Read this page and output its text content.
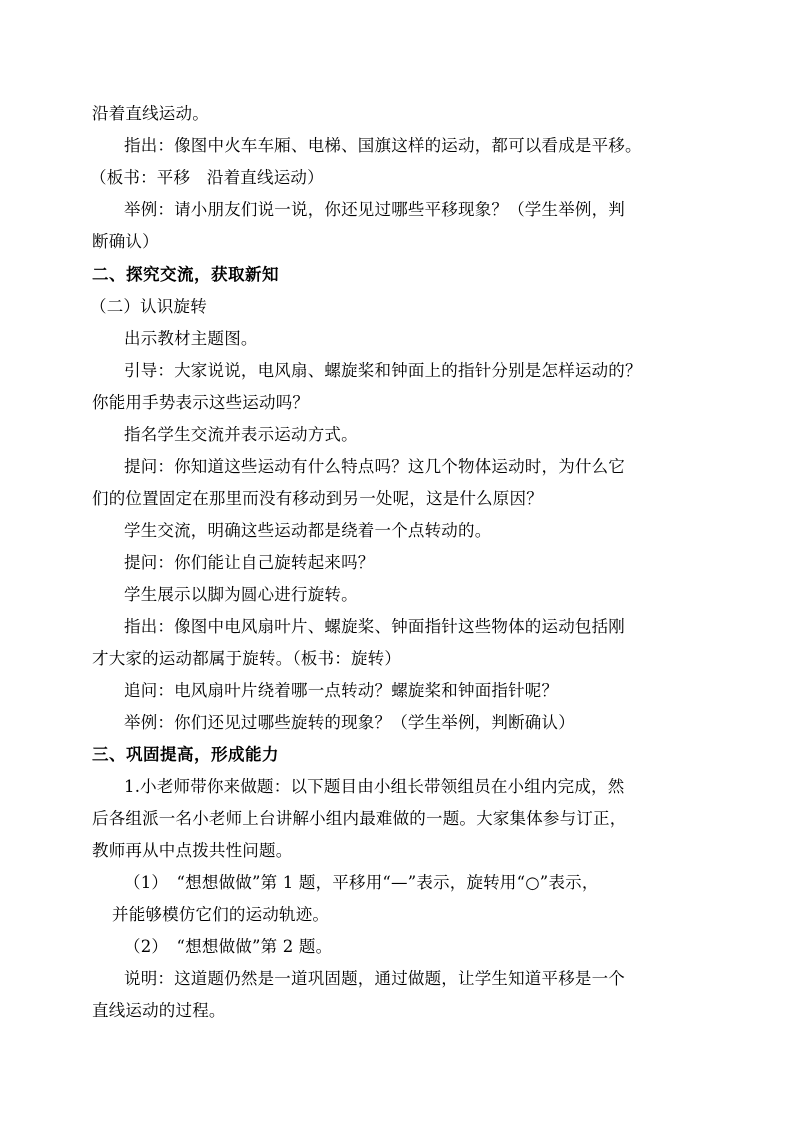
沿着直线运动。
指出：像图中火车车厢、电梯、国旗这样的运动，都可以看成是平移。
（板书：平移　沿着直线运动）
举例：请小朋友们说一说，你还见过哪些平移现象？（学生举例，判
断确认）
二、探究交流，获取新知
（二）认识旋转
出示教材主题图。
引导：大家说说，电风扇、螺旋桨和钟面上的指针分别是怎样运动的？
你能用手势表示这些运动吗？
指名学生交流并表示运动方式。
提问：你知道这些运动有什么特点吗？这几个物体运动时，为什么它
们的位置固定在那里而没有移动到另一处呢，这是什么原因？
学生交流，明确这些运动都是绕着一个点转动的。
提问：你们能让自己旋转起来吗？
学生展示以脚为圆心进行旋转。
指出：像图中电风扇叶片、螺旋桨、钟面指针这些物体的运动包括刚
才大家的运动都属于旋转。（板书：旋转）
追问：电风扇叶片绕着哪一点转动？螺旋桨和钟面指针呢？
举例：你们还见过哪些旋转的现象？（学生举例，判断确认）
三、巩固提高，形成能力
1.小老师带你来做题：以下题目由小组长带领组员在小组内完成，然
后各组派一名小老师上台讲解小组内最难做的一题。大家集体参与订正，
教师再从中点拨共性问题。
（1）　“想想做做”第 1 题，平移用“—”表示，旋转用“○”表示，
并能够模仿它们的运动轨迹。
（2）　“想想做做”第 2 题。
说明：这道题仍然是一道巩固题，通过做题，让学生知道平移是一个
直线运动的过程。
